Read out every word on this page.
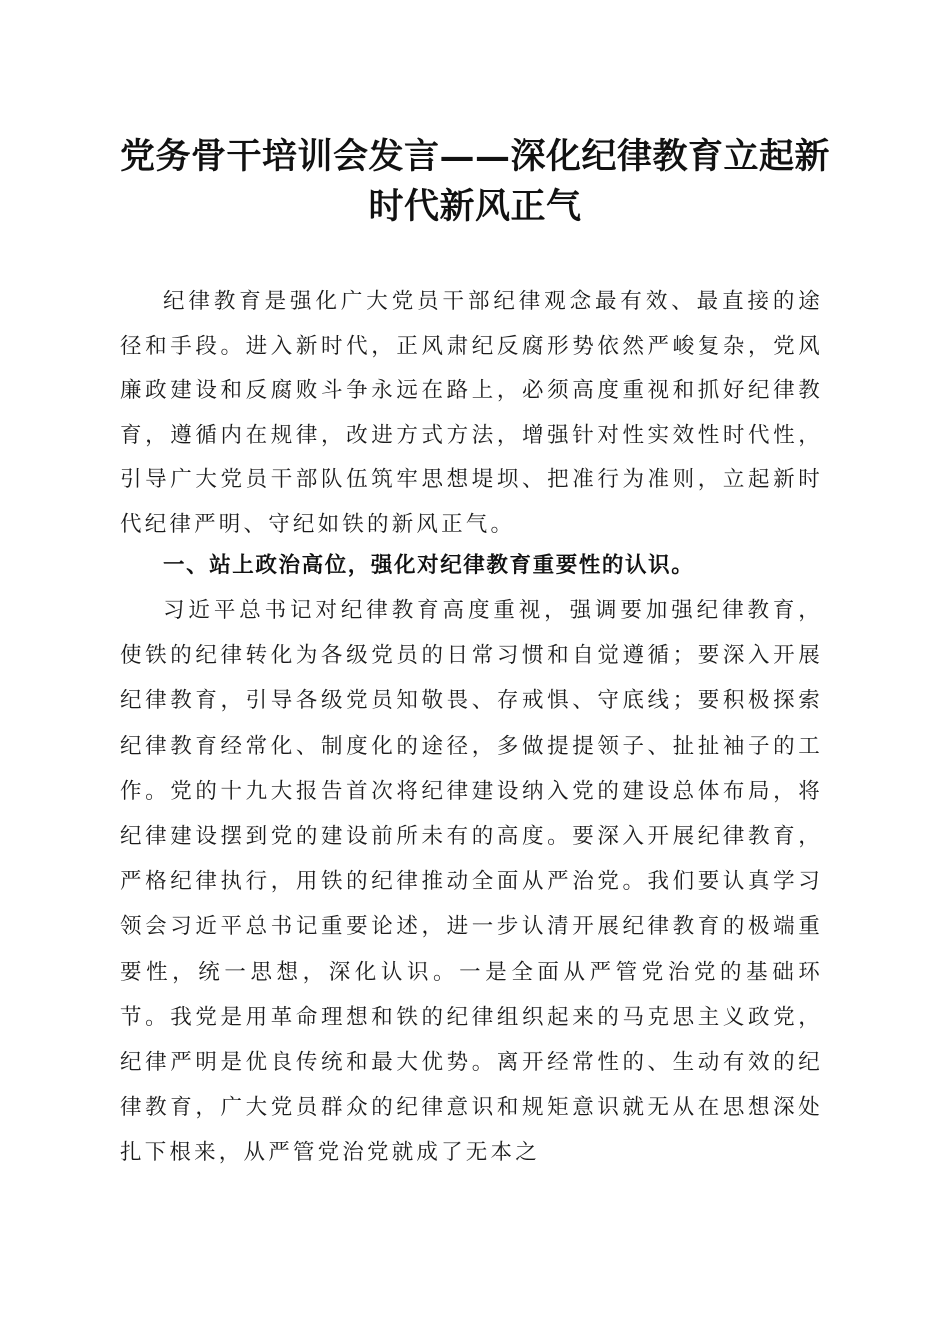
党务骨干培训会发言——深化纪律教育立起新
时代新风正气

纪律教育是强化广大党员干部纪律观念最有效、最直接的途径和手段。进入新时代，正风肃纪反腐形势依然严峻复杂，党风廉政建设和反腐败斗争永远在路上，必须高度重视和抓好纪律教育，遵循内在规律，改进方式方法，增强针对性实效性时代性，引导广大党员干部队伍筑牢思想堤坝、把准行为准则，立起新时代纪律严明、守纪如铁的新风正气。

一、站上政治高位，强化对纪律教育重要性的认识。

习近平总书记对纪律教育高度重视，强调要加强纪律教育，使铁的纪律转化为各级党员的日常习惯和自觉遵循；要深入开展纪律教育，引导各级党员知敬畏、存戒惧、守底线；要积极探索纪律教育经常化、制度化的途径，多做提提领子、扯扯袖子的工作。党的十九大报告首次将纪律建设纳入党的建设总体布局，将纪律建设摆到党的建设前所未有的高度。要深入开展纪律教育，严格纪律执行，用铁的纪律推动全面从严治党。我们要认真学习领会习近平总书记重要论述，进一步认清开展纪律教育的极端重要性，统一思想，深化认识。一是全面从严管党治党的基础环节。我党是用革命理想和铁的纪律组织起来的马克思主义政党，纪律严明是优良传统和最大优势。离开经常性的、生动有效的纪律教育，广大党员群众的纪律意识和规矩意识就无从在思想深处扎下根来，从严管党治党就成了无本之
